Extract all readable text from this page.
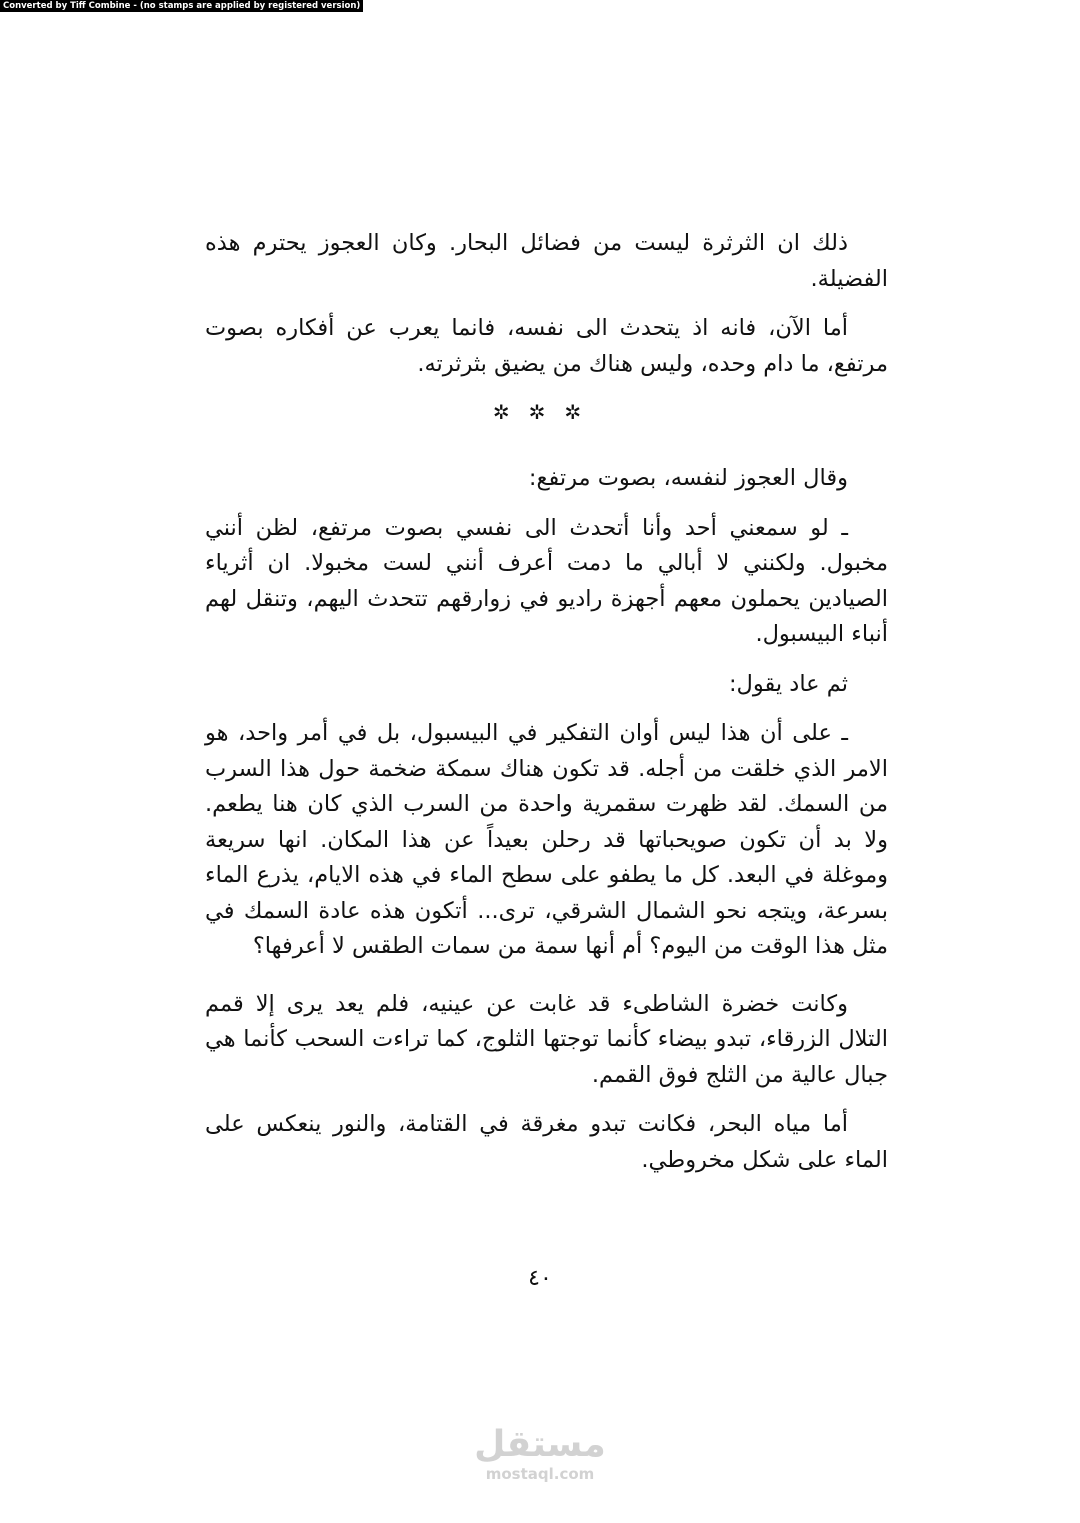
Converted by Tiff Combine - (no stamps are applied by registered version)

ذلك ان الثرثرة ليست من فضائل البحار. وكان العجوز يحترم هذه الفضيلة.

أما الآن، فانه اذ يتحدث الى نفسه، فانما يعرب عن أفكاره بصوت مرتفع، ما دام وحده، وليس هناك من يضيق بثرثرته.

✲ ✲ ✲

وقال العجوز لنفسه، بصوت مرتفع:

ـ لو سمعني أحد وأنا أتحدث الى نفسي بصوت مرتفع، لظن أنني مخبول. ولكنني لا أبالي ما دمت أعرف أنني لست مخبولا. ان أثرياء الصيادين يحملون معهم أجهزة راديو في زوارقهم تتحدث اليهم، وتنقل لهم أنباء البيسبول.

ثم عاد يقول:

ـ على أن هذا ليس أوان التفكير في البيسبول، بل في أمر واحد، هو الامر الذي خلقت من أجله. قد تكون هناك سمكة ضخمة حول هذا السرب من السمك. لقد ظهرت سقمرية واحدة من السرب الذي كان هنا يطعم. ولا بد أن تكون صويحباتها قد رحلن بعيداً عن هذا المكان. انها سريعة وموغلة في البعد. كل ما يطفو على سطح الماء في هذه الايام، يذرع الماء بسرعة، ويتجه نحو الشمال الشرقي، ترى... أتكون هذه عادة السمك في مثل هذا الوقت من اليوم؟ أم أنها سمة من سمات الطقس لا أعرفها؟

وكانت خضرة الشاطىء قد غابت عن عينيه، فلم يعد يرى إلا قمم التلال الزرقاء، تبدو بيضاء كأنما توجتها الثلوج، كما تراءت السحب كأنما هي جبال عالية من الثلج فوق القمم.

أما مياه البحر، فكانت تبدو مغرقة في القتامة، والنور ينعكس على الماء على شكل مخروطي.

٤٠
مستقل
mostaql.com
